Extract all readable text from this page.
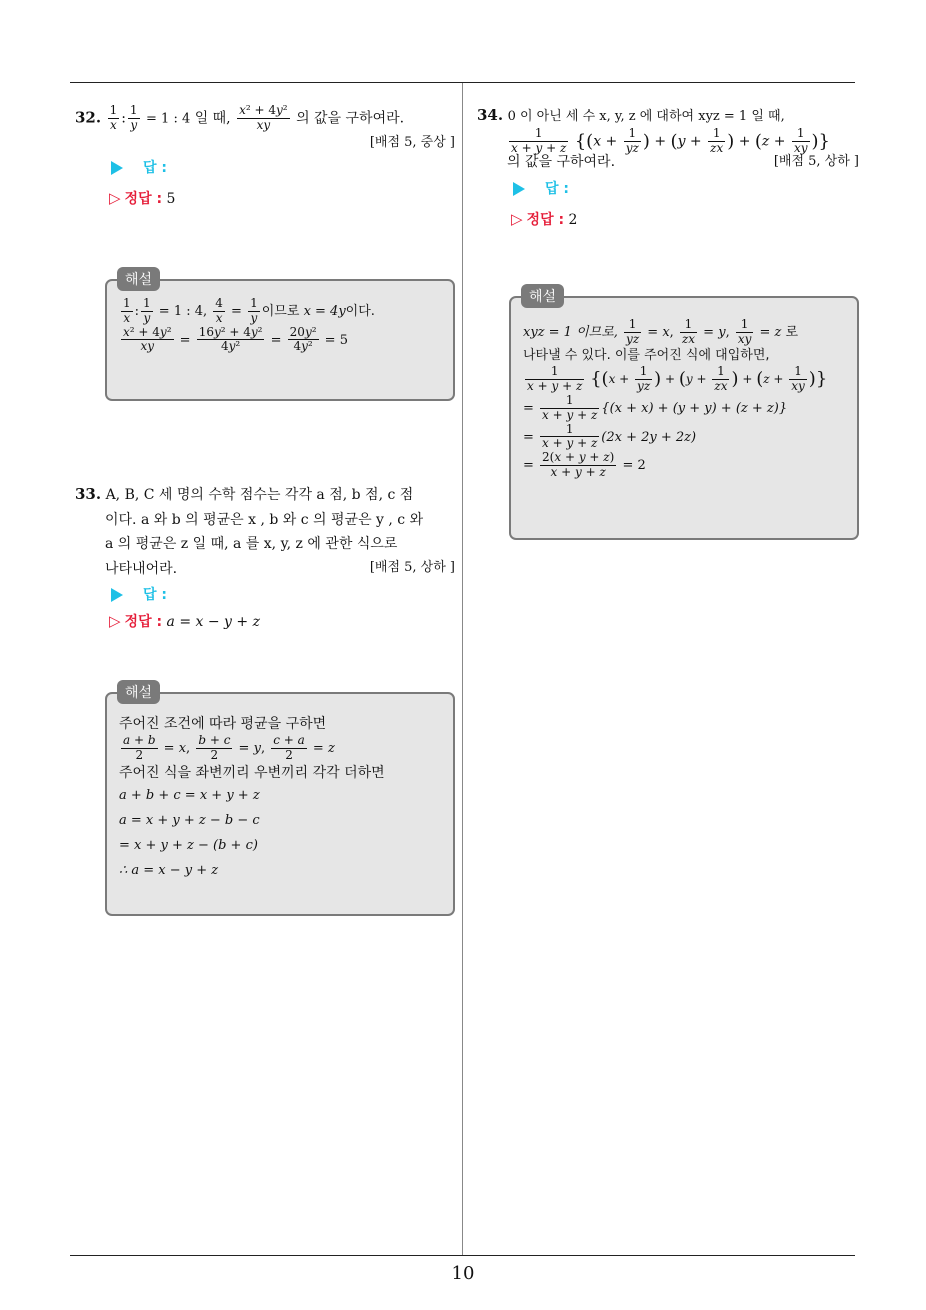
10
32. $\frac{1}{x}$ : $\frac{1}{y} = 1$ : 4 일 때, $\frac{\text{x² + 4y²}}{xy}$ 의 값을 구하여라.
[배점 5, 중상 ]
답 :
▷ 정답 : 5
해설
$\frac{1}{x}$ : $\frac{1}{y} = 1$ : 4, $\frac{4}{x} = \frac{1}{y}$ 이므로 x = 4y이다.
$\frac{\text{x² + 4y²}}{xy} = \frac{\text{16y² + 4y²}}{\text{4y²}} = \frac{\text{20y²}}{\text{4y²}} = 5$
33. A, B, C 세 명의 수학 점수는 각각 a 점, b 점, c 점
이다. a 와 b 의 평균은 x , b 와 c 의 평균은 y , c 와
a 의 평균은 z 일 때, a 를 x, y, z 에 관한 식으로
나타내어라.	[배점 5, 상하 ]
답 :
▷ 정답 : a = x − y + z
해설
주어진 조건에 따라 평균을 구하면
$\frac{a + b}{2} = x$, $\frac{b + c}{2} = y$, $\frac{c + a}{2} = z$
주어진 식을 좌변끼리 우변끼리 각각 더하면
a + b + c = x + y + z
a = x + y + z − b − c
= x + y + z − (b + c)
∴ a = x − y + z
34. 0 이 아닌 세 수 x, y, z 에 대하여 xyz = 1 일 때,
$\frac{1}{x + y + z} \{(x + \frac{1}{yz}$ ) + ($y + \frac{1}{zx}$ ) + ($z + \frac{1}{xy}$ )}
의 값을 구하여라.	[배점 5, 상하 ]
답 :
▷ 정답 : 2
해설
xyz = 1 이므로, $\frac{1}{yz} = x$, $\frac{1}{zx} = y$, $\frac{1}{xy} = z$ 로
나타낼 수 있다. 이를 주어진 식에 대입하면,
$\frac{1}{x + y + z} \{(x + \frac{1}{yz}$ ) + ($y + \frac{1}{zx}$ ) + ($z + \frac{1}{xy}$ )}
= $\frac{1}{x + y + z} \{(x + x) + (y + y) + (z + z)\}$
= $\frac{1}{x + y + z} (2x + 2y + 2z)$
= $\frac{2(x + y + z)}{x + y + z} = 2$
